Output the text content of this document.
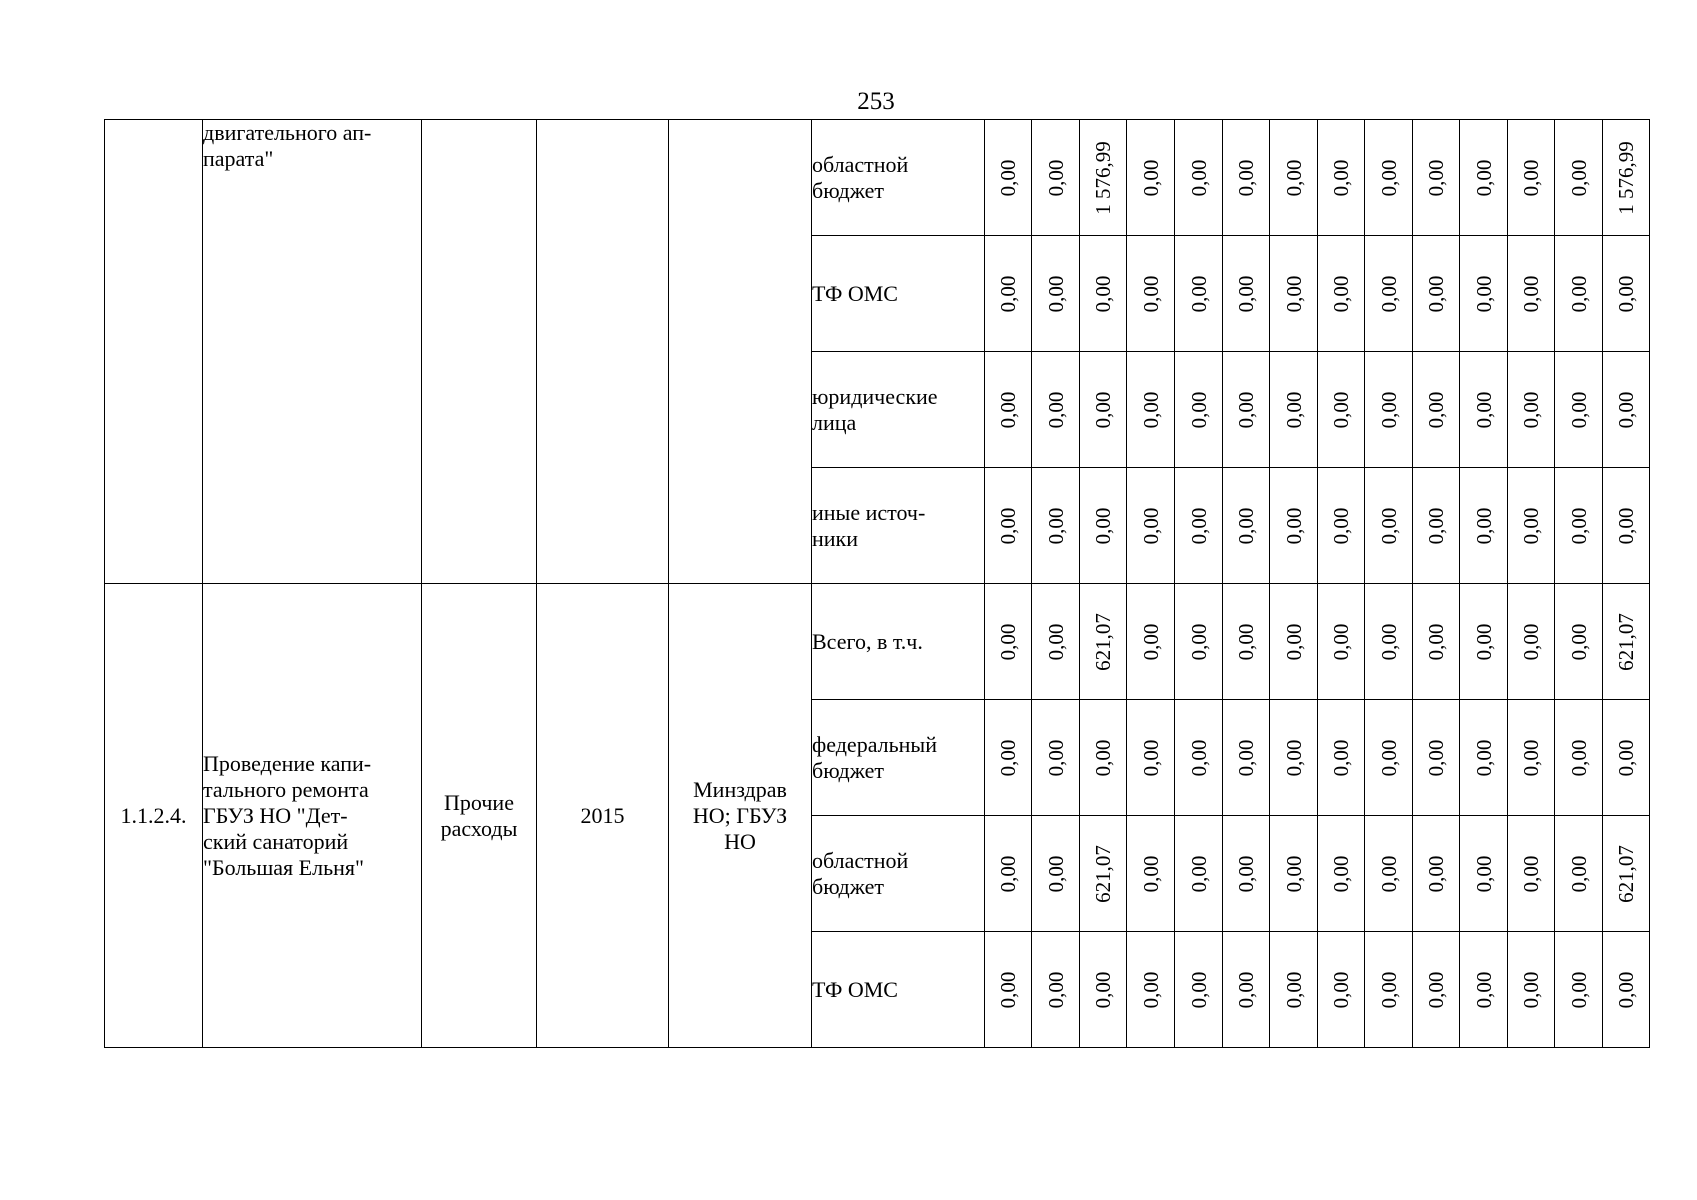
253
	двигательного ап-
парата"				областной
бюджет	0,00	0,00	1 576,99	0,00	0,00	0,00	0,00	0,00	0,00	0,00	0,00	0,00	0,00	1 576,99

					ТФ ОМС	0,00	0,00	0,00	0,00	0,00	0,00	0,00	0,00	0,00	0,00	0,00	0,00	0,00	0,00

					юридические
лица	0,00	0,00	0,00	0,00	0,00	0,00	0,00	0,00	0,00	0,00	0,00	0,00	0,00	0,00

					иные источ-
ники	0,00	0,00	0,00	0,00	0,00	0,00	0,00	0,00	0,00	0,00	0,00	0,00	0,00	0,00

1.1.2.4.	Проведение капи-
тального ремонта
ГБУЗ НО "Дет-
ский санаторий
"Большая Ельня"	Прочие
расходы	2015	Минздрав
НО; ГБУЗ
НО	Всего, в т.ч.	0,00	0,00	621,07	0,00	0,00	0,00	0,00	0,00	0,00	0,00	0,00	0,00	0,00	621,07

					федеральный
бюджет	0,00	0,00	0,00	0,00	0,00	0,00	0,00	0,00	0,00	0,00	0,00	0,00	0,00	0,00

					областной
бюджет	0,00	0,00	621,07	0,00	0,00	0,00	0,00	0,00	0,00	0,00	0,00	0,00	0,00	621,07

					ТФ ОМС	0,00	0,00	0,00	0,00	0,00	0,00	0,00	0,00	0,00	0,00	0,00	0,00	0,00	0,00
